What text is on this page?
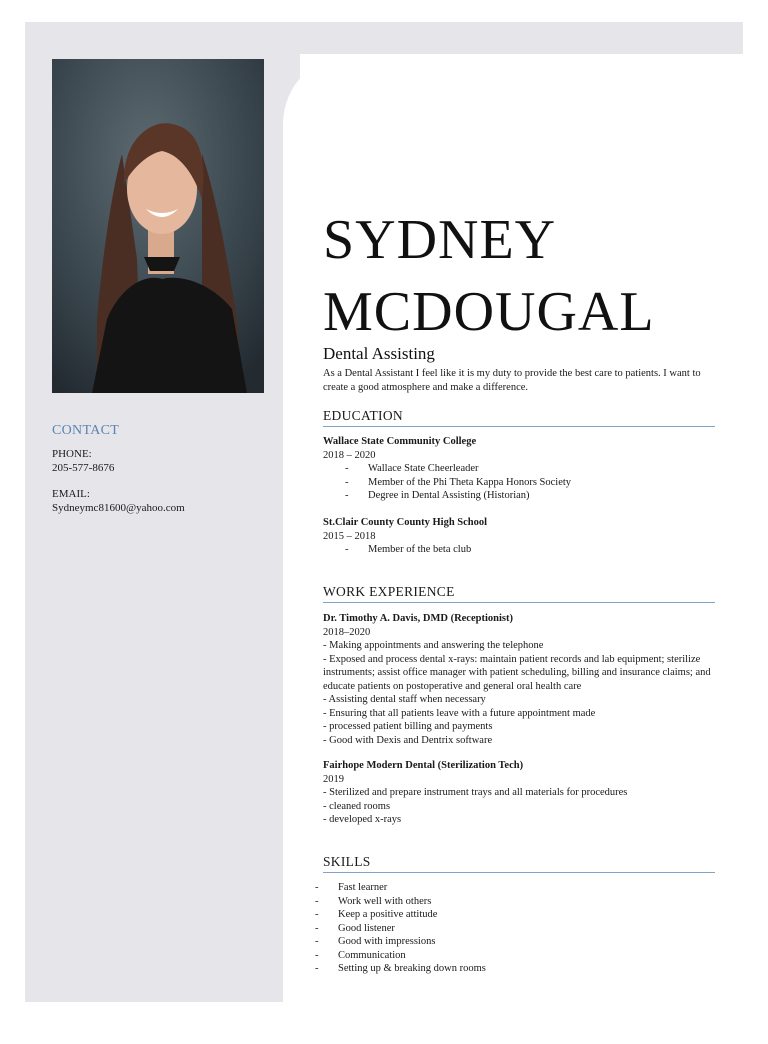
CONTACT
PHONE:
205-577-8676
EMAIL:
Sydneymc81600@yahoo.com
SYDNEY
MCDOUGAL
Dental Assisting
As a Dental Assistant I feel like it is my duty to provide the best care to patients. I want to create a good atmosphere and make a difference.
EDUCATION
Wallace State Community College
2018 – 2020
- Wallace State Cheerleader
- Member of the Phi Theta Kappa Honors Society
- Degree in Dental Assisting (Historian)
St.Clair County County High School
2015 – 2018
- Member of the beta club
WORK EXPERIENCE
Dr. Timothy A. Davis, DMD (Receptionist)
2018–2020
- Making appointments and answering the telephone
- Exposed and process dental x-rays: maintain patient records and lab equipment; sterilize instruments; assist office manager with patient scheduling, billing and insurance claims; and educate patients on postoperative and general oral health care
- Assisting dental staff when necessary
- Ensuring that all patients leave with a future appointment made
- processed patient billing and payments
- Good with Dexis and Dentrix software
Fairhope Modern Dental (Sterilization Tech)
2019
- Sterilized and prepare instrument trays and all materials for procedures
- cleaned rooms
- developed x-rays
SKILLS
- Fast learner
- Work well with others
- Keep a positive attitude
- Good listener
- Good with impressions
- Communication
- Setting up & breaking down rooms
